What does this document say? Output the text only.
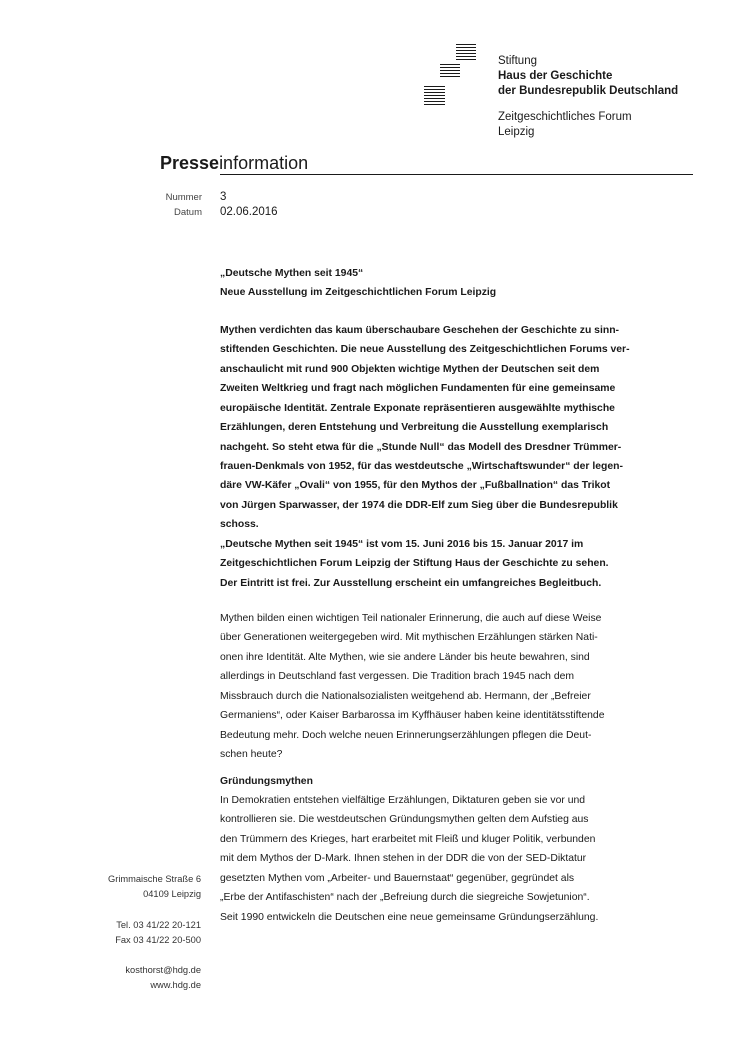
Stiftung
Haus der Geschichte
der Bundesrepublik Deutschland
Zeitgeschichtliches Forum
Leipzig
Presseinformation
Nummer
Datum
3
02.06.2016
„Deutsche Mythen seit 1945“
Neue Ausstellung im Zeitgeschichtlichen Forum Leipzig
Mythen verdichten das kaum überschaubare Geschehen der Geschichte zu sinn-
stiftenden Geschichten. Die neue Ausstellung des Zeitgeschichtlichen Forums ver-
anschaulicht mit rund 900 Objekten wichtige Mythen der Deutschen seit dem
Zweiten Weltkrieg und fragt nach möglichen Fundamenten für eine gemeinsame
europäische Identität. Zentrale Exponate repräsentieren ausgewählte mythische
Erzählungen, deren Entstehung und Verbreitung die Ausstellung exemplarisch
nachgeht. So steht etwa für die „Stunde Null“ das Modell des Dresdner Trümmer-
frauen-Denkmals von 1952, für das westdeutsche „Wirtschaftswunder“ der legen-
däre VW-Käfer „Ovali“ von 1955, für den Mythos der „Fußballnation“ das Trikot
von Jürgen Sparwasser, der 1974 die DDR-Elf zum Sieg über die Bundesrepublik
schoss.
„Deutsche Mythen seit 1945“ ist vom 15. Juni 2016 bis 15. Januar 2017 im
Zeitgeschichtlichen Forum Leipzig der Stiftung Haus der Geschichte zu sehen.
Der Eintritt ist frei. Zur Ausstellung erscheint ein umfangreiches Begleitbuch.
Mythen bilden einen wichtigen Teil nationaler Erinnerung, die auch auf diese Weise
über Generationen weitergegeben wird. Mit mythischen Erzählungen stärken Nati-
onen ihre Identität. Alte Mythen, wie sie andere Länder bis heute bewahren, sind
allerdings in Deutschland fast vergessen. Die Tradition brach 1945 nach dem
Missbrauch durch die Nationalsozialisten weitgehend ab. Hermann, der „Befreier
Germaniens“, oder Kaiser Barbarossa im Kyffhäuser haben keine identitätsstiftende
Bedeutung mehr. Doch welche neuen Erinnerungserzählungen pflegen die Deut-
schen heute?
Gründungsmythen
In Demokratien entstehen vielfältige Erzählungen, Diktaturen geben sie vor und
kontrollieren sie. Die westdeutschen Gründungsmythen gelten dem Aufstieg aus
den Trümmern des Krieges, hart erarbeitet mit Fleiß und kluger Politik, verbunden
mit dem Mythos der D-Mark. Ihnen stehen in der DDR die von der SED-Diktatur
gesetzten Mythen vom „Arbeiter- und Bauernstaat“ gegenüber, gegründet als
„Erbe der Antifaschisten“ nach der „Befreiung durch die siegreiche Sowjetunion“.
Seit 1990 entwickeln die Deutschen eine neue gemeinsame Gründungserzählung.
Grimmaische Straße 6
04109 Leipzig
Tel. 03 41/22 20-121
Fax 03 41/22 20-500
kosthorst@hdg.de
www.hdg.de
